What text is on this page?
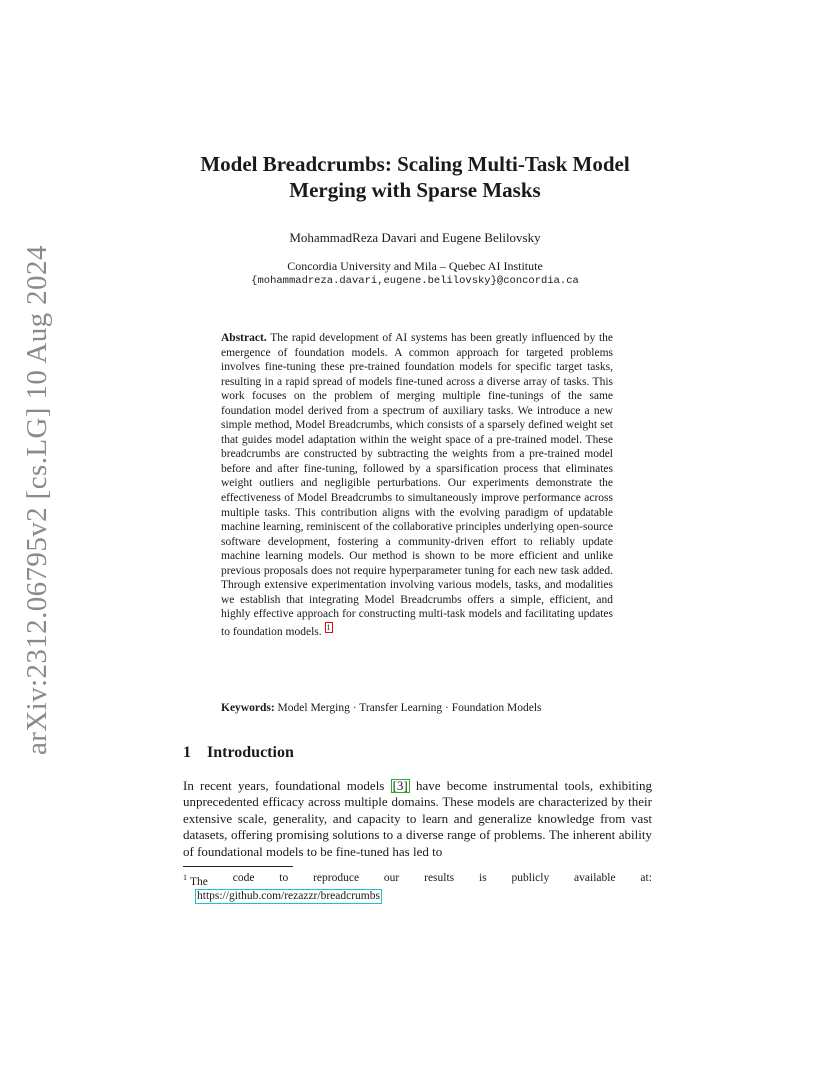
arXiv:2312.06795v2 [cs.LG] 10 Aug 2024
Model Breadcrumbs: Scaling Multi-Task Model Merging with Sparse Masks
MohammadReza Davari and Eugene Belilovsky
Concordia University and Mila – Quebec AI Institute
{mohammadreza.davari,eugene.belilovsky}@concordia.ca
Abstract. The rapid development of AI systems has been greatly influenced by the emergence of foundation models. A common approach for targeted problems involves fine-tuning these pre-trained foundation models for specific target tasks, resulting in a rapid spread of models fine-tuned across a diverse array of tasks. This work focuses on the problem of merging multiple fine-tunings of the same foundation model derived from a spectrum of auxiliary tasks. We introduce a new simple method, Model Breadcrumbs, which consists of a sparsely defined weight set that guides model adaptation within the weight space of a pre-trained model. These breadcrumbs are constructed by subtracting the weights from a pre-trained model before and after fine-tuning, followed by a sparsification process that eliminates weight outliers and negligible perturbations. Our experiments demonstrate the effectiveness of Model Breadcrumbs to simultaneously improve performance across multiple tasks. This contribution aligns with the evolving paradigm of updatable machine learning, reminiscent of the collaborative principles underlying open-source software development, fostering a community-driven effort to reliably update machine learning models. Our method is shown to be more efficient and unlike previous proposals does not require hyperparameter tuning for each new task added. Through extensive experimentation involving various models, tasks, and modalities we establish that integrating Model Breadcrumbs offers a simple, efficient, and highly effective approach for constructing multi-task models and facilitating updates to foundation models. 1
Keywords: Model Merging · Transfer Learning · Foundation Models
1 Introduction
In recent years, foundational models [3] have become instrumental tools, exhibiting unprecedented efficacy across multiple domains. These models are characterized by their extensive scale, generality, and capacity to learn and generalize knowledge from vast datasets, offering promising solutions to a diverse range of problems. The inherent ability of foundational models to be fine-tuned has led to
$^1$ The code to reproduce our results is publicly available at:
https://github.com/rezazzr/breadcrumbs
